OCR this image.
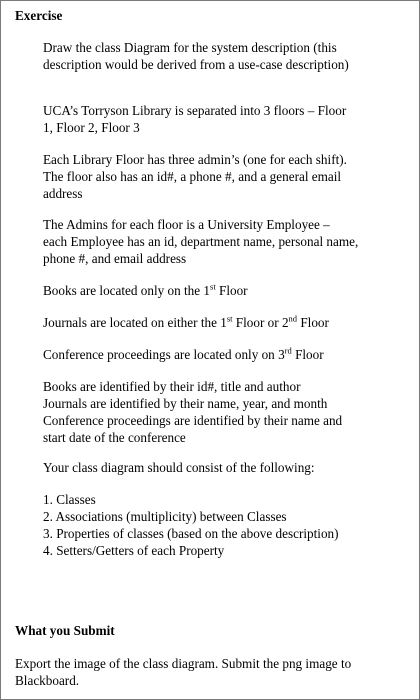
Exercise

Draw the class Diagram for the system description (this
description would be derived from a use-case description)

UCA’s Torryson Library is separated into 3 floors – Floor
1, Floor 2, Floor 3

Each Library Floor has three admin’s (one for each shift).
The floor also has an id#, a phone #, and a general email
address

The Admins for each floor is a University Employee –
each Employee has an id, department name, personal name,
phone #, and email address

Books are located only on the 1st Floor

Journals are located on either the 1st Floor or 2nd Floor

Conference proceedings are located only on 3rd Floor

Books are identified by their id#, title and author
Journals are identified by their name, year, and month
Conference proceedings are identified by their name and
start date of the conference

Your class diagram should consist of the following:

1. Classes
2. Associations (multiplicity) between Classes
3. Properties of classes (based on the above description)
4. Setters/Getters of each Property
What you Submit

Export the image of the class diagram. Submit the png image to
Blackboard.
